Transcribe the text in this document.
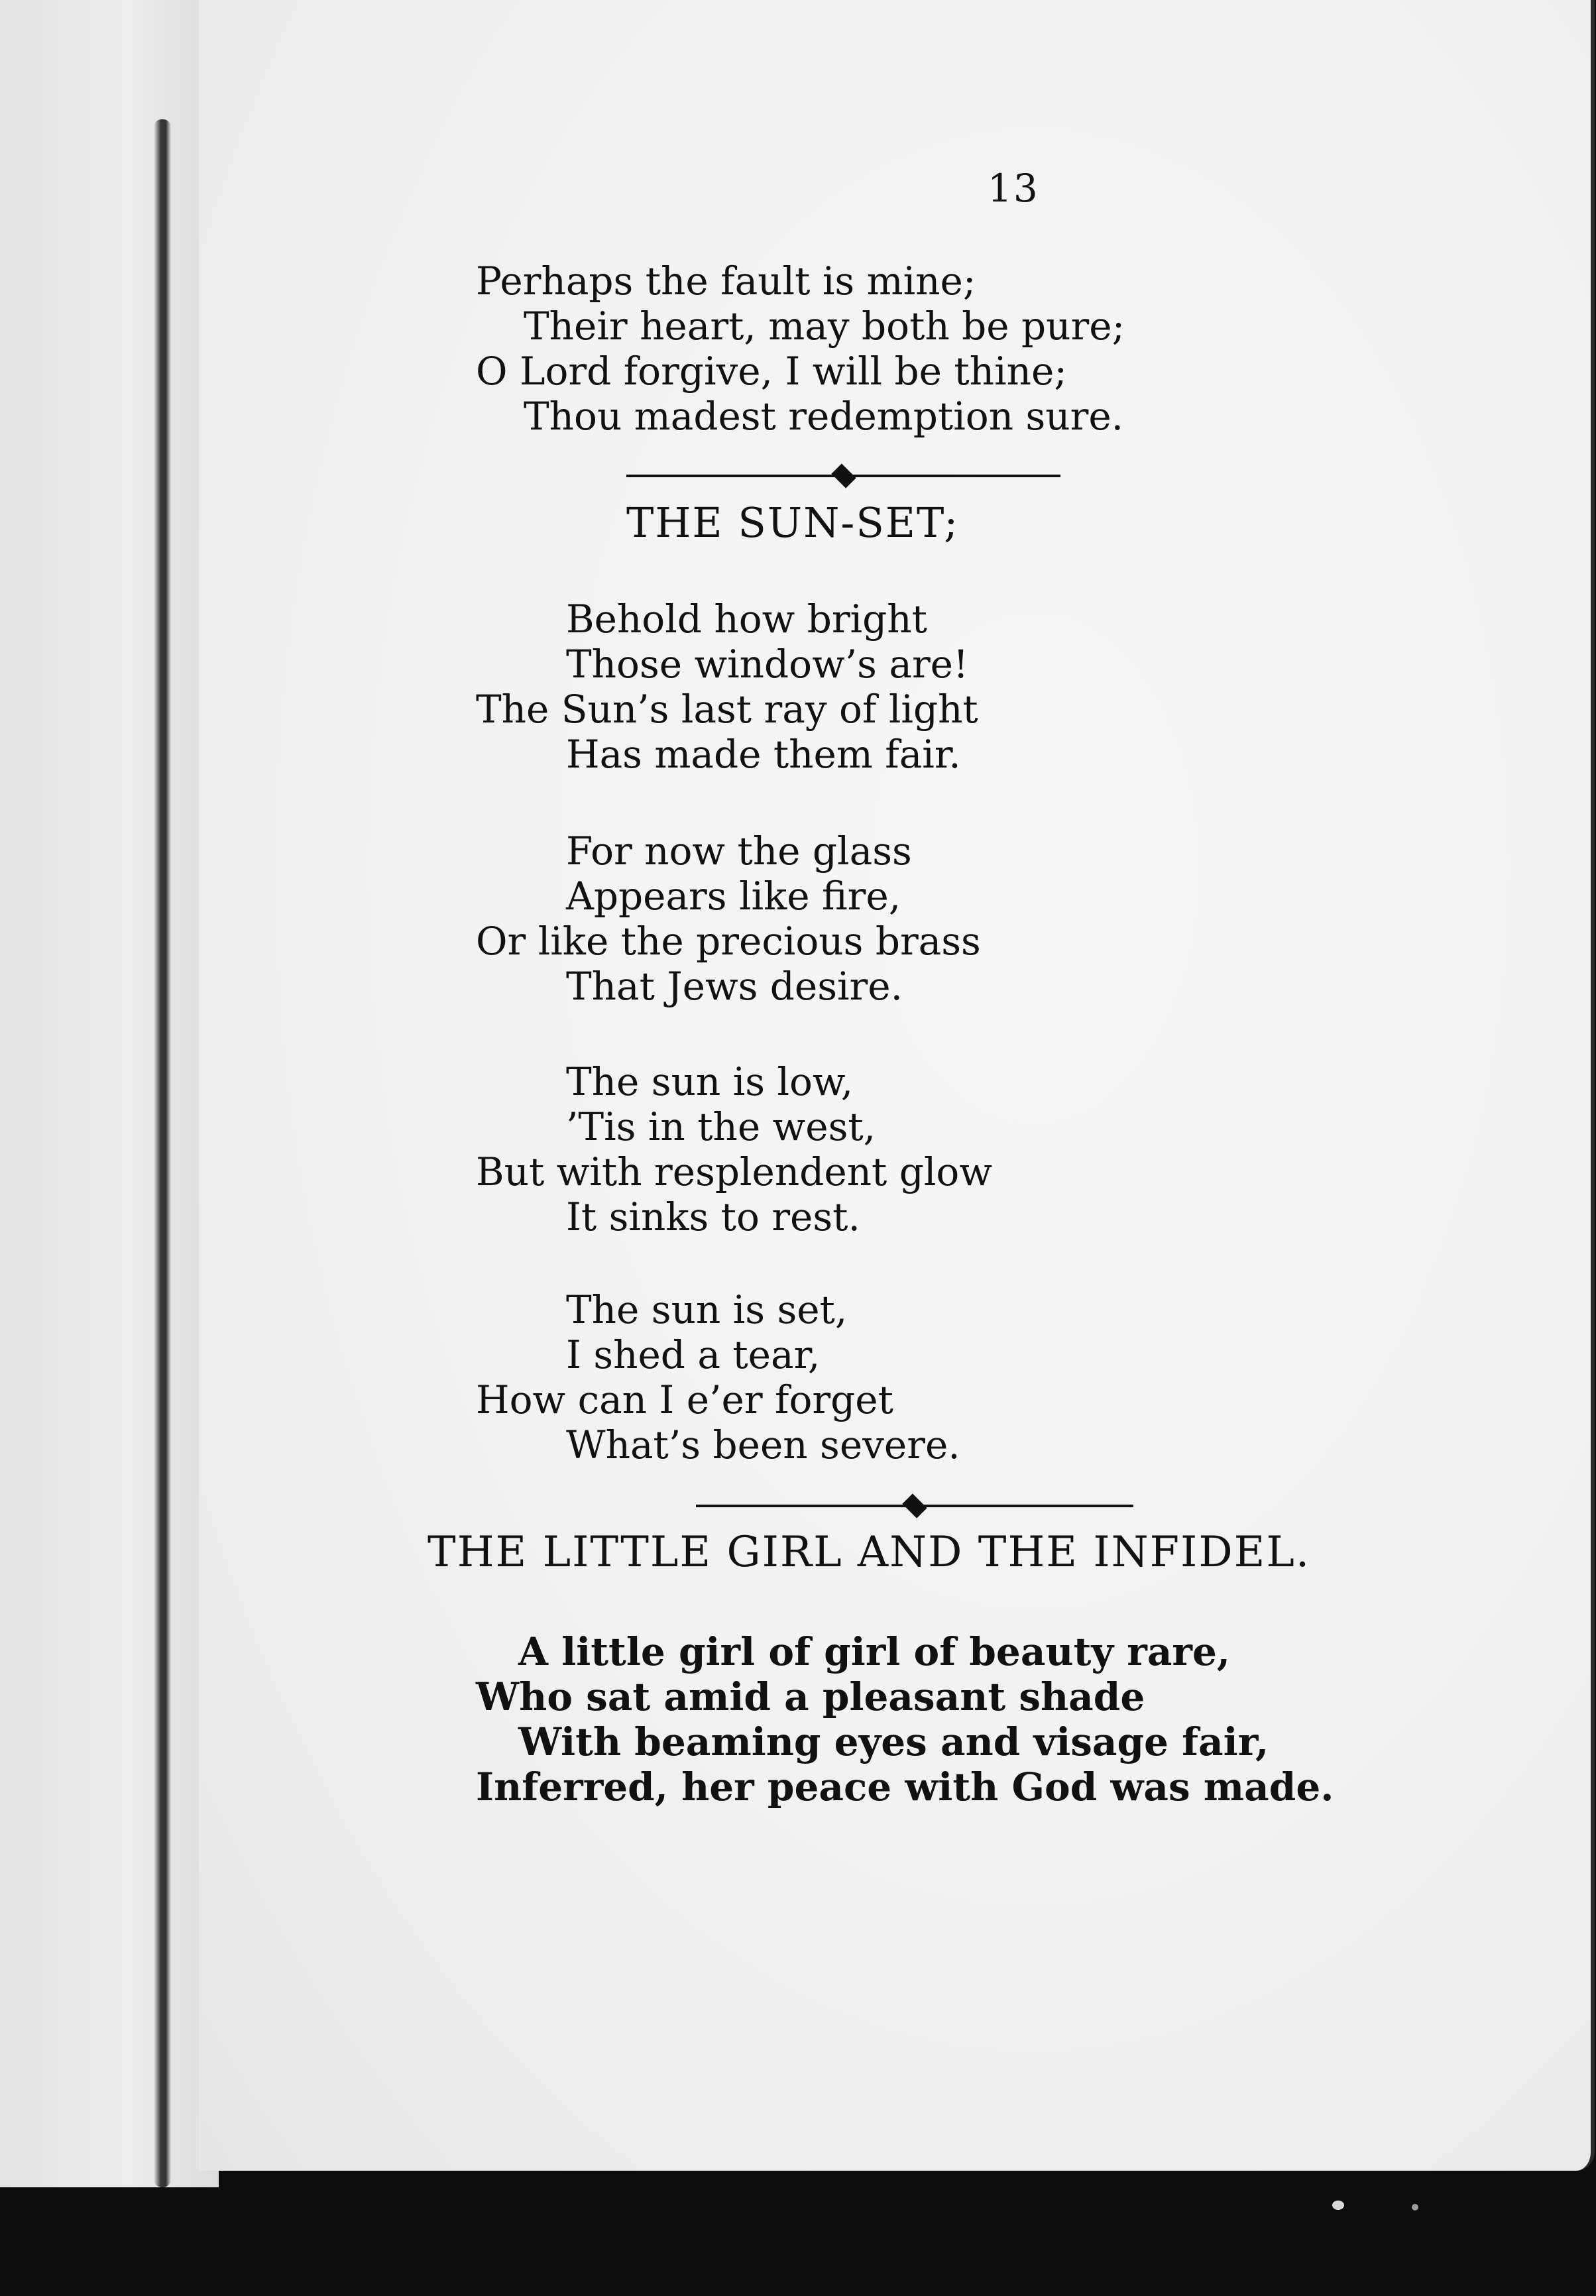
13
Perhaps the fault is mine;
Their heart, may both be pure;
O Lord forgive, I will be thine;
Thou madest redemption sure.
THE SUN-SET;
Behold how bright
Those window’s are!
The Sun’s last ray of light
Has made them fair.
For now the glass
Appears like fire,
Or like the precious brass
That Jews desire.
The sun is low,
’Tis in the west,
But with resplendent glow
It sinks to rest.
The sun is set,
I shed a tear,
How can I e’er forget
What’s been severe.
THE LITTLE GIRL AND THE INFIDEL.
A little girl of girl of beauty rare,
Who sat amid a pleasant shade
With beaming eyes and visage fair,
Inferred, her peace with God was made.
